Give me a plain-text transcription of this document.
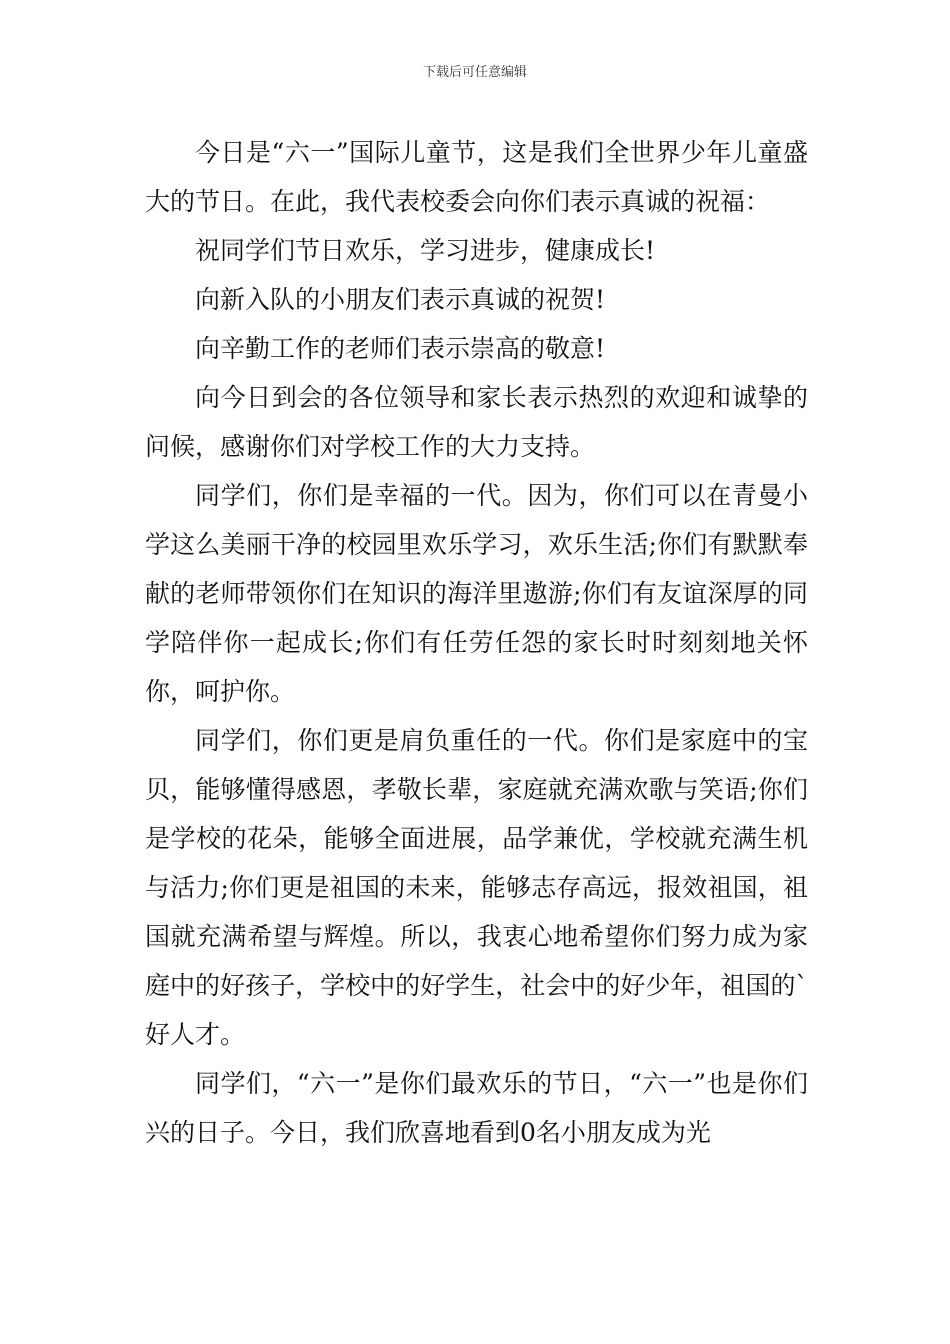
下载后可任意编辑

今日是“六一”国际儿童节，这是我们全世界少年儿童盛大的节日。在此，我代表校委会向你们表示真诚的祝福：

祝同学们节日欢乐，学习进步，健康成长!

向新入队的小朋友们表示真诚的祝贺!

向辛勤工作的老师们表示崇高的敬意!

向今日到会的各位领导和家长表示热烈的欢迎和诚挚的问候，感谢你们对学校工作的大力支持。

同学们，你们是幸福的一代。因为，你们可以在青曼小学这么美丽干净的校园里欢乐学习，欢乐生活;你们有默默奉献的老师带领你们在知识的海洋里遨游;你们有友谊深厚的同学陪伴你一起成长;你们有任劳任怨的家长时时刻刻地关怀你，呵护你。

同学们，你们更是肩负重任的一代。你们是家庭中的宝贝，能够懂得感恩，孝敬长辈，家庭就充满欢歌与笑语;你们是学校的花朵，能够全面进展，品学兼优，学校就充满生机与活力;你们更是祖国的未来，能够志存高远，报效祖国，祖国就充满希望与辉煌。所以，我衷心地希望你们努力成为家庭中的好孩子，学校中的好学生，社会中的好少年，祖国的`好人才。

同学们，“六一”是你们最欢乐的节日，“六一”也是你们兴的日子。今日，我们欣喜地看到0名小朋友成为光
